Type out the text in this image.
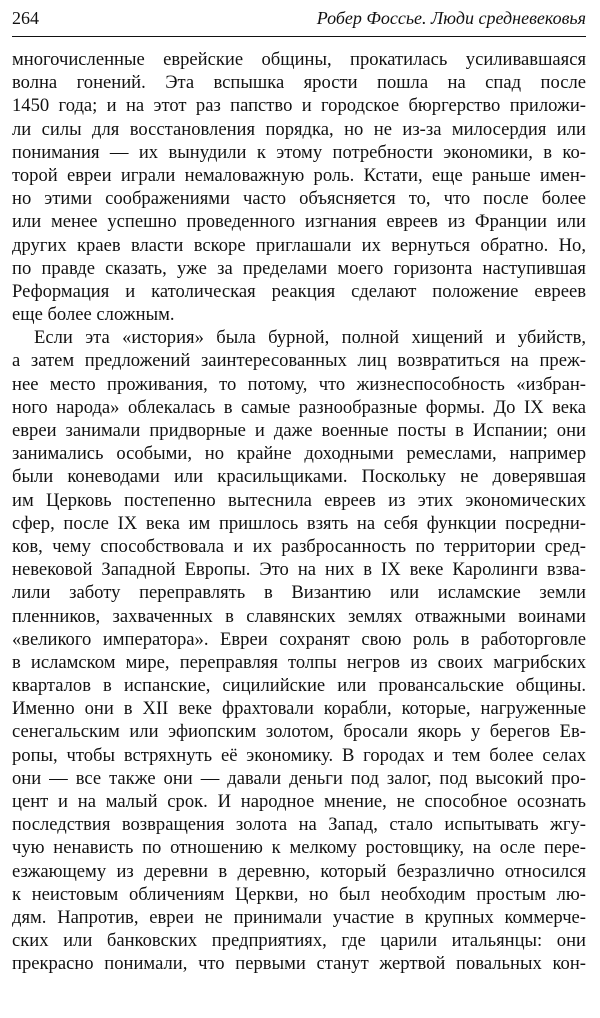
264	Робер Фоссье. Люди средневековья
многочисленные еврейские общины, прокатилась усиливавшаяся
волна гонений. Эта вспышка ярости пошла на спад после
1450 года; и на этот раз папство и городское бюргерство приложи-
ли силы для восстановления порядка, но не из-за милосердия или
понимания — их вынудили к этому потребности экономики, в ко-
торой евреи играли немаловажную роль. Кстати, еще раньше имен-
но этими соображениями часто объясняется то, что после более
или менее успешно проведенного изгнания евреев из Франции или
других краев власти вскоре приглашали их вернуться обратно. Но,
по правде сказать, уже за пределами моего горизонта наступившая
Реформация и католическая реакция сделают положение евреев
еще более сложным.
Если эта «история» была бурной, полной хищений и убийств,
а затем предложений заинтересованных лиц возвратиться на преж-
нее место проживания, то потому, что жизнеспособность «избран-
ного народа» облекалась в самые разнообразные формы. До IX века
евреи занимали придворные и даже военные посты в Испании; они
занимались особыми, но крайне доходными ремеслами, например
были коневодами или красильщиками. Поскольку не доверявшая
им Церковь постепенно вытеснила евреев из этих экономических
сфер, после IX века им пришлось взять на себя функции посредни-
ков, чему способствовала и их разбросанность по территории сред-
невековой Западной Европы. Это на них в IX веке Каролинги взва-
лили заботу переправлять в Византию или исламские земли
пленников, захваченных в славянских землях отважными воинами
«великого императора». Евреи сохранят свою роль в работорговле
в исламском мире, переправляя толпы негров из своих магрибских
кварталов в испанские, сицилийские или провансальские общины.
Именно они в XII веке фрахтовали корабли, которые, нагруженные
сенегальским или эфиопским золотом, бросали якорь у берегов Ев-
ропы, чтобы встряхнуть её экономику. В городах и тем более селах
они — все также они — давали деньги под залог, под высокий про-
цент и на малый срок. И народное мнение, не способное осознать
последствия возвращения золота на Запад, стало испытывать жгу-
чую ненависть по отношению к мелкому ростовщику, на осле пере-
езжающему из деревни в деревню, который безразлично относился
к неистовым обличениям Церкви, но был необходим простым лю-
дям. Напротив, евреи не принимали участие в крупных коммерче-
ских или банковских предприятиях, где царили итальянцы: они
прекрасно понимали, что первыми станут жертвой повальных кон-
